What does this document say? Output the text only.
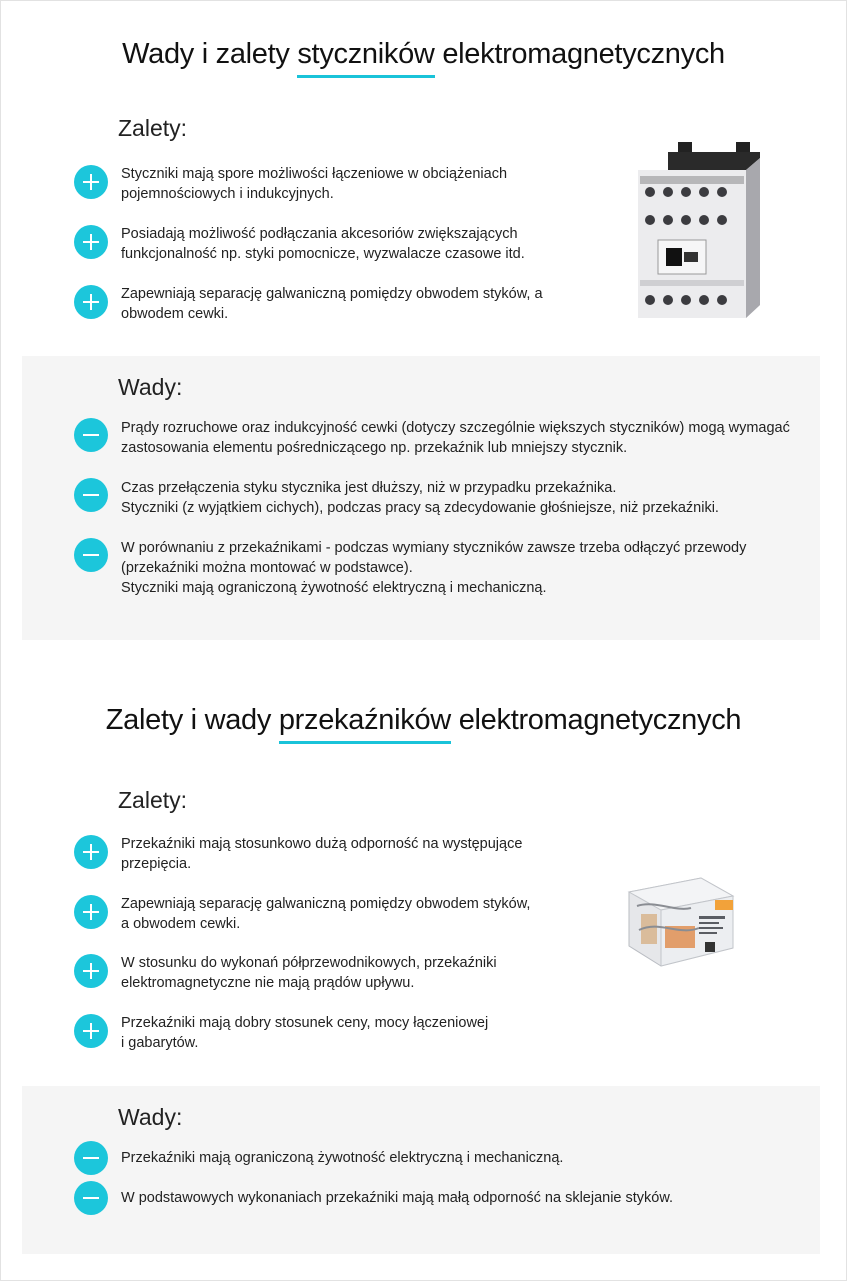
Wady i zalety styczników elektromagnetycznych
Zalety:
Styczniki mają spore możliwości łączeniowe w obciążeniach
pojemnościowych i indukcyjnych.
Posiadają możliwość podłączania akcesoriów zwiększających
funkcjonalność np. styki pomocnicze, wyzwalacze czasowe itd.
Zapewniają separację galwaniczną pomiędzy obwodem styków, a
obwodem cewki.
Wady:
Prądy rozruchowe oraz indukcyjność cewki (dotyczy szczególnie większych styczników) mogą wymagać
zastosowania elementu pośredniczącego np. przekaźnik lub mniejszy stycznik.
Czas przełączenia styku stycznika jest dłuższy, niż w przypadku przekaźnika.
Styczniki (z wyjątkiem cichych), podczas pracy są zdecydowanie głośniejsze, niż przekaźniki.
W porównaniu z przekaźnikami - podczas wymiany styczników zawsze trzeba odłączyć przewody
(przekaźniki można montować w podstawce).
Styczniki mają ograniczoną żywotność elektryczną i mechaniczną.
Zalety i wady przekaźników elektromagnetycznych
Zalety:
Przekaźniki mają stosunkowo dużą odporność na występujące
przepięcia.
Zapewniają separację galwaniczną pomiędzy obwodem styków,
a obwodem cewki.
W stosunku do wykonań półprzewodnikowych, przekaźniki
elektromagnetyczne nie mają prądów upływu.
Przekaźniki mają dobry stosunek ceny, mocy łączeniowej
i gabarytów.
Wady:
Przekaźniki mają ograniczoną żywotność elektryczną i mechaniczną.
W podstawowych wykonaniach przekaźniki mają małą odporność na sklejanie styków.
